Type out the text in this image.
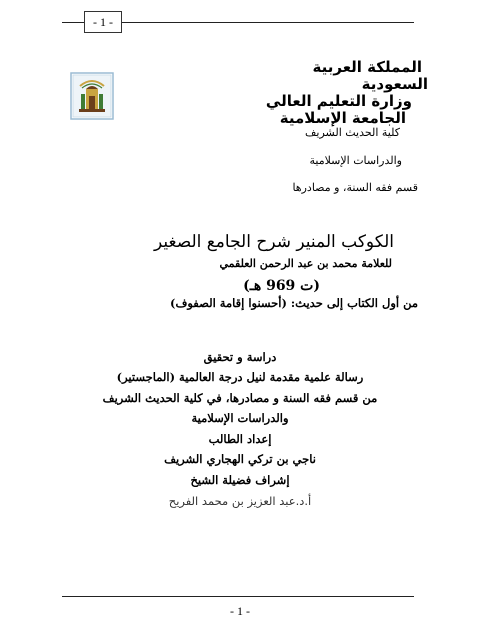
- 1 -
المملكة العربية
السعودية
وزارة التعليم العالي
الجامعة الإسلامية
كلية الحديث الشريف
والدراسات الإسلامية
قسم فقه السنة، و مصادرها
الكوكب المنير شرح الجامع الصغير
للعلامة محمد بن عبد الرحمن العلقمي
(ت 969 هـ)
من أول الكتاب إلى حديث: (أحسنوا إقامة الصفوف)
دراسة و تحقيق
رسالة علمية مقدمة لنيل درجة العالمية (الماجستير)
من قسم فقه السنة و مصادرها، في كلية الحديث الشريف
والدراسات الإسلامية
إعداد الطالب
ناجي بن تركي الهجاري الشريف
إشراف فضيلة الشيخ
أ.د.عبد العزيز بن محمد الفريح
- 1 -
